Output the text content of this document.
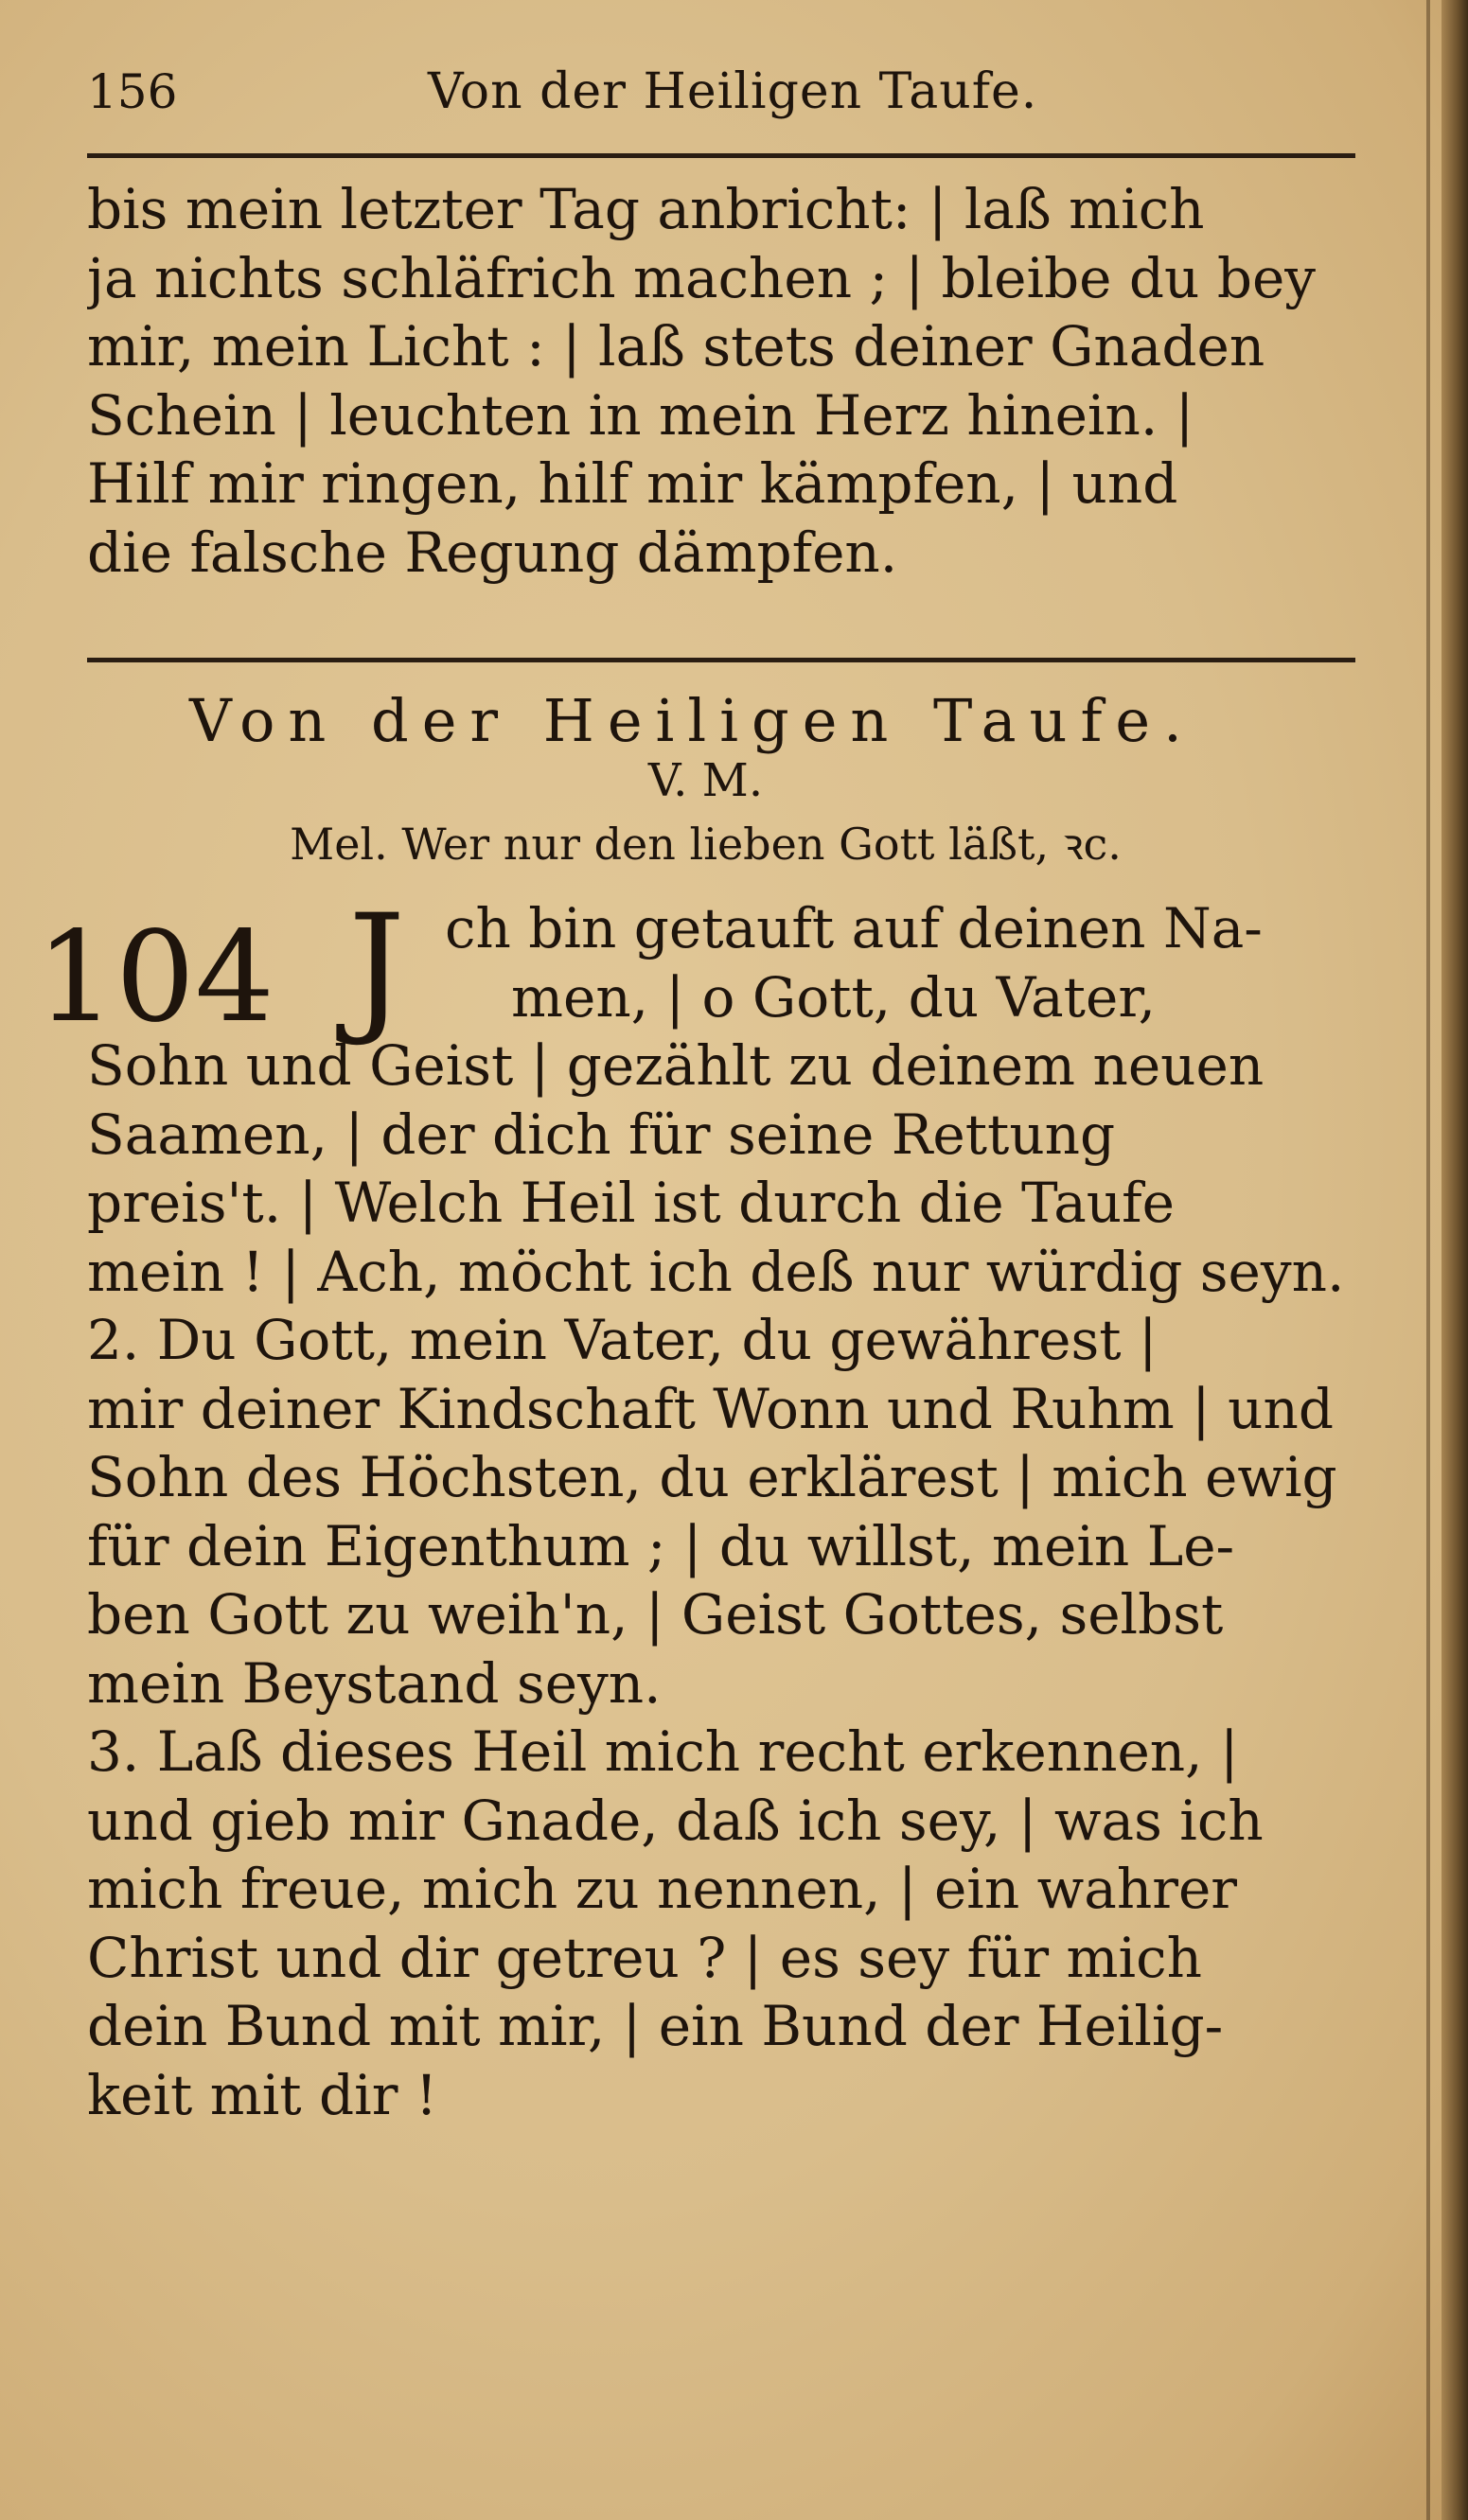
156	Von der Heiligen Taufe.
bis mein letzter Tag anbricht: | laß mich
ja nichts schläfrich machen ; | bleibe du bey
mir, mein Licht : | laß stets deiner Gnaden
Schein | leuchten in mein Herz hinein. |
Hilf mir ringen, hilf mir kämpfen, | und
die falsche Regung dämpfen.
Von der Heiligen Taufe.
V. M.
Mel. Wer nur den lieben Gott läßt, ꝛc.
104 J ch bin getauft auf deinen Na-
men, | o Gott, du Vater,
Sohn und Geist | gezählt zu deinem neuen
Saamen, | der dich für seine Rettung
preis't. | Welch Heil ist durch die Taufe
mein ! | Ach, möcht ich deß nur würdig seyn.
2. Du Gott, mein Vater, du gewährest |
mir deiner Kindschaft Wonn und Ruhm | und
Sohn des Höchsten, du erklärest | mich ewig
für dein Eigenthum ; | du willst, mein Le-
ben Gott zu weih'n, | Geist Gottes, selbst
mein Beystand seyn.
3. Laß dieses Heil mich recht erkennen, |
und gieb mir Gnade, daß ich sey, | was ich
mich freue, mich zu nennen, | ein wahrer
Christ und dir getreu ? | es sey für mich
dein Bund mit mir, | ein Bund der Heilig-
keit mit dir !
